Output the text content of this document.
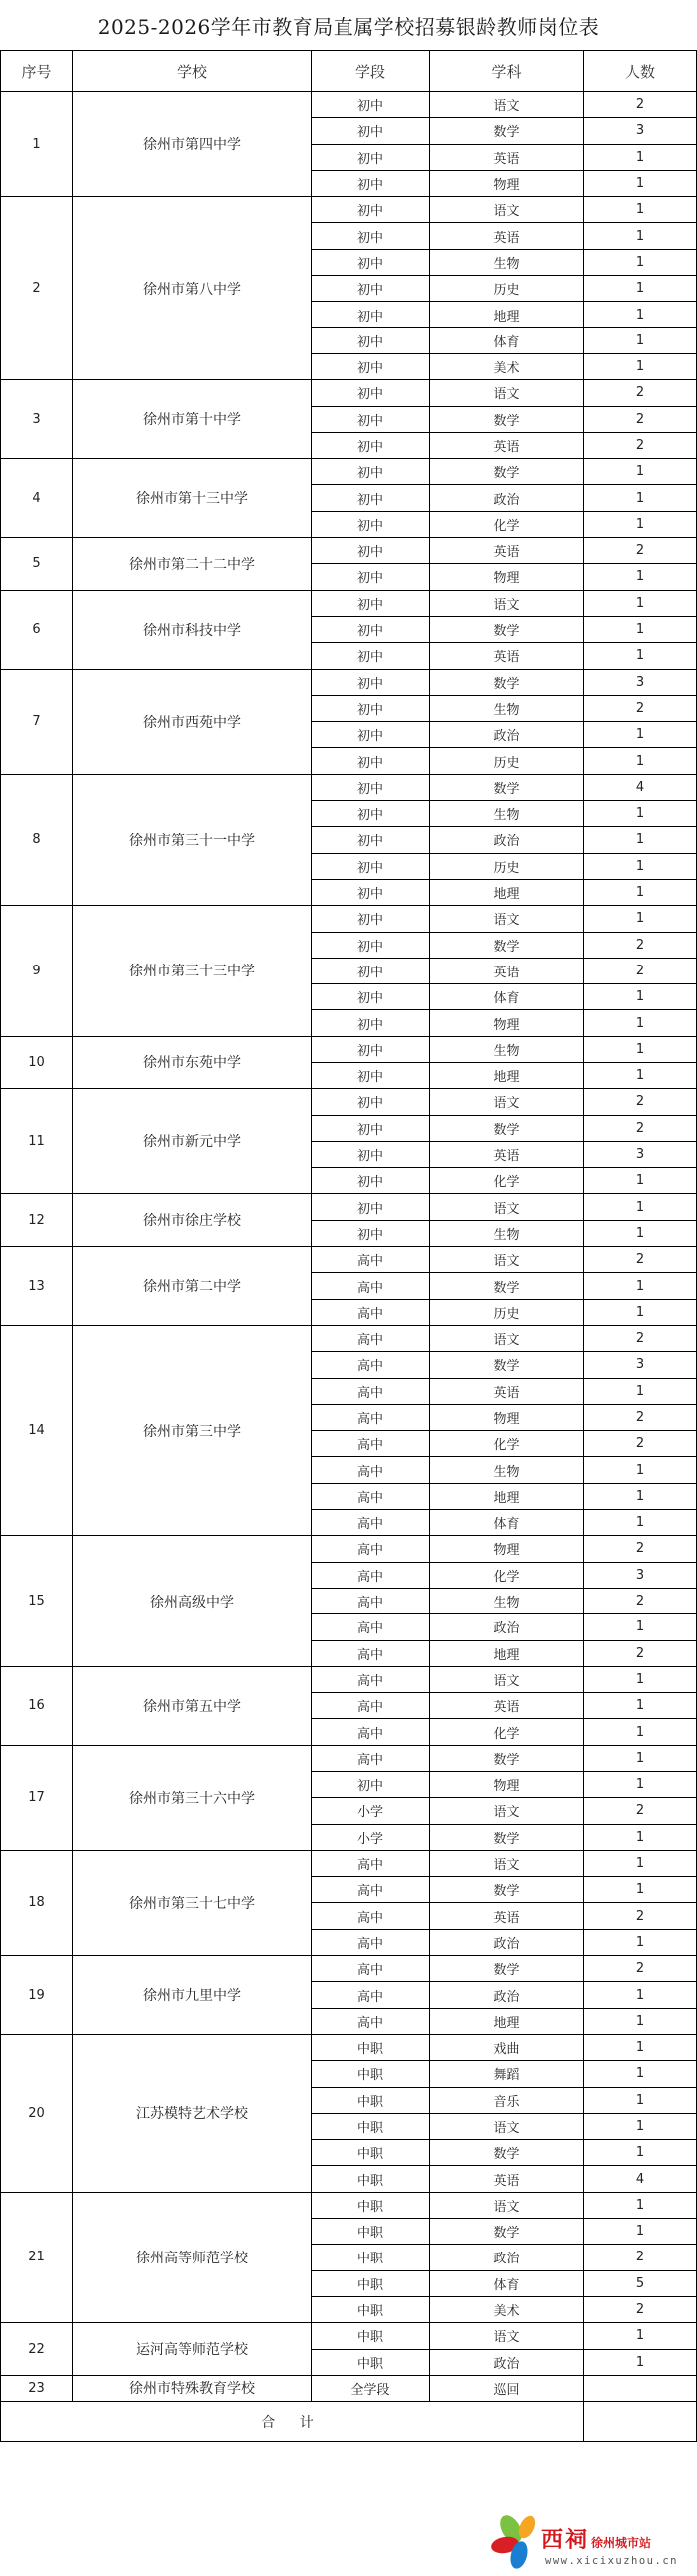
2025-2026学年市教育局直属学校招募银龄教师岗位表
序号	学校	学段	学科	人数
1	徐州市第四中学	初中	语文	2
		初中	数学	3
		初中	英语	1
		初中	物理	1
2	徐州市第八中学	初中	语文	1
		初中	英语	1
		初中	生物	1
		初中	历史	1
		初中	地理	1
		初中	体育	1
		初中	美术	1
3	徐州市第十中学	初中	语文	2
		初中	数学	2
		初中	英语	2
4	徐州市第十三中学	初中	数学	1
		初中	政治	1
		初中	化学	1
5	徐州市第二十二中学	初中	英语	2
		初中	物理	1
6	徐州市科技中学	初中	语文	1
		初中	数学	1
		初中	英语	1
7	徐州市西苑中学	初中	数学	3
		初中	生物	2
		初中	政治	1
		初中	历史	1
8	徐州市第三十一中学	初中	数学	4
		初中	生物	1
		初中	政治	1
		初中	历史	1
		初中	地理	1
9	徐州市第三十三中学	初中	语文	1
		初中	数学	2
		初中	英语	2
		初中	体育	1
		初中	物理	1
10	徐州市东苑中学	初中	生物	1
		初中	地理	1
11	徐州市新元中学	初中	语文	2
		初中	数学	2
		初中	英语	3
		初中	化学	1
12	徐州市徐庄学校	初中	语文	1
		初中	生物	1
13	徐州市第二中学	高中	语文	2
		高中	数学	1
		高中	历史	1
14	徐州市第三中学	高中	语文	2
		高中	数学	3
		高中	英语	1
		高中	物理	2
		高中	化学	2
		高中	生物	1
		高中	地理	1
		高中	体育	1
15	徐州高级中学	高中	物理	2
		高中	化学	3
		高中	生物	2
		高中	政治	1
		高中	地理	2
16	徐州市第五中学	高中	语文	1
		高中	英语	1
		高中	化学	1
17	徐州市第三十六中学	高中	数学	1
		初中	物理	1
		小学	语文	2
		小学	数学	1
18	徐州市第三十七中学	高中	语文	1
		高中	数学	1
		高中	英语	2
		高中	政治	1
19	徐州市九里中学	高中	数学	2
		高中	政治	1
		高中	地理	1
20	江苏模特艺术学校	中职	戏曲	1
		中职	舞蹈	1
		中职	音乐	1
		中职	语文	1
		中职	数学	1
		中职	英语	4
21	徐州高等师范学校	中职	语文	1
		中职	数学	1
		中职	政治	2
		中职	体育	5
		中职	美术	2
22	运河高等师范学校	中职	语文	1
		中职	政治	1
23	徐州市特殊教育学校	全学段	巡回	
合 计				
西祠 徐州城市站
www.xicixuzhou.cn
